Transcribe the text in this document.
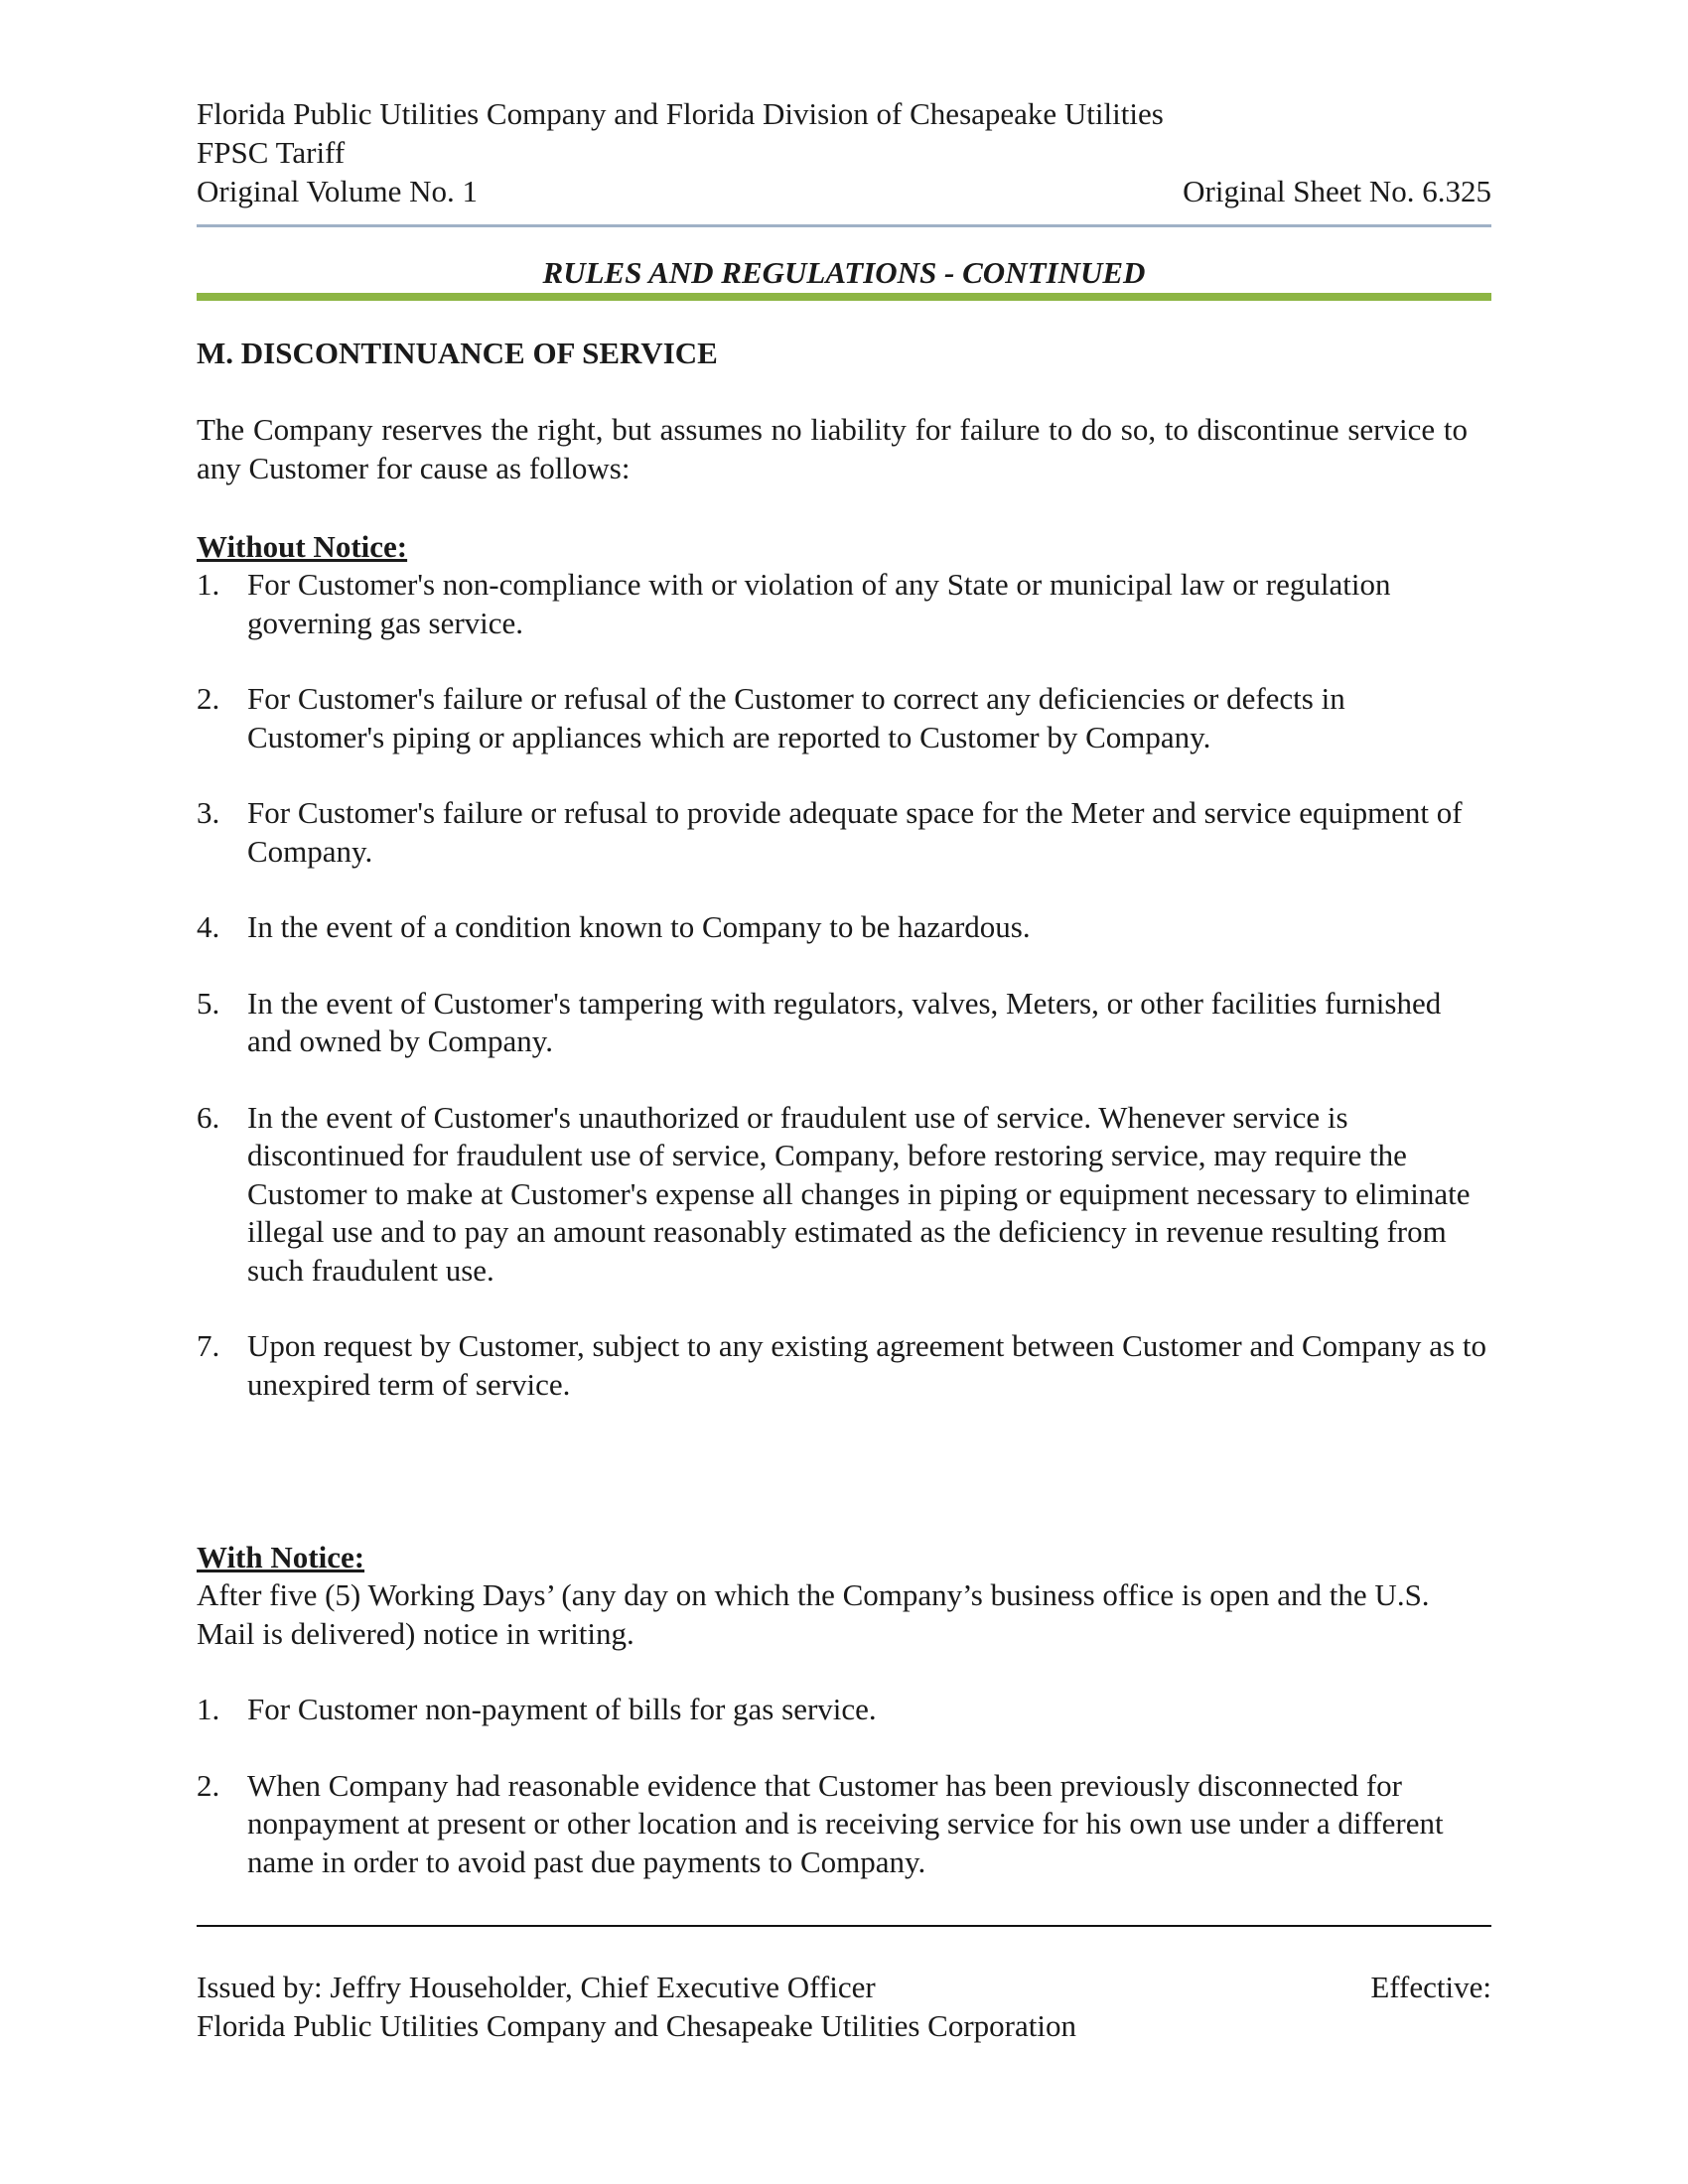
Florida Public Utilities Company and Florida Division of Chesapeake Utilities
FPSC Tariff
Original Volume No. 1	Original Sheet No. 6.325
RULES AND REGULATIONS - CONTINUED
M. DISCONTINUANCE OF SERVICE
The Company reserves the right, but assumes no liability for failure to do so, to discontinue service to any Customer for cause as follows:
Without Notice:
1. For Customer's non-compliance with or violation of any State or municipal law or regulation governing gas service.
2. For Customer's failure or refusal of the Customer to correct any deficiencies or defects in Customer's piping or appliances which are reported to Customer by Company.
3. For Customer's failure or refusal to provide adequate space for the Meter and service equipment of Company.
4. In the event of a condition known to Company to be hazardous.
5. In the event of Customer's tampering with regulators, valves, Meters, or other facilities furnished and owned by Company.
6. In the event of Customer's unauthorized or fraudulent use of service. Whenever service is discontinued for fraudulent use of service, Company, before restoring service, may require the Customer to make at Customer's expense all changes in piping or equipment necessary to eliminate illegal use and to pay an amount reasonably estimated as the deficiency in revenue resulting from such fraudulent use.
7. Upon request by Customer, subject to any existing agreement between Customer and Company as to unexpired term of service.
With Notice:
After five (5) Working Days’ (any day on which the Company’s business office is open and the U.S. Mail is delivered) notice in writing.
1. For Customer non-payment of bills for gas service.
2. When Company had reasonable evidence that Customer has been previously disconnected for nonpayment at present or other location and is receiving service for his own use under a different name in order to avoid past due payments to Company.
Issued by: Jeffry Householder, Chief Executive Officer	Effective:
Florida Public Utilities Company and Chesapeake Utilities Corporation
